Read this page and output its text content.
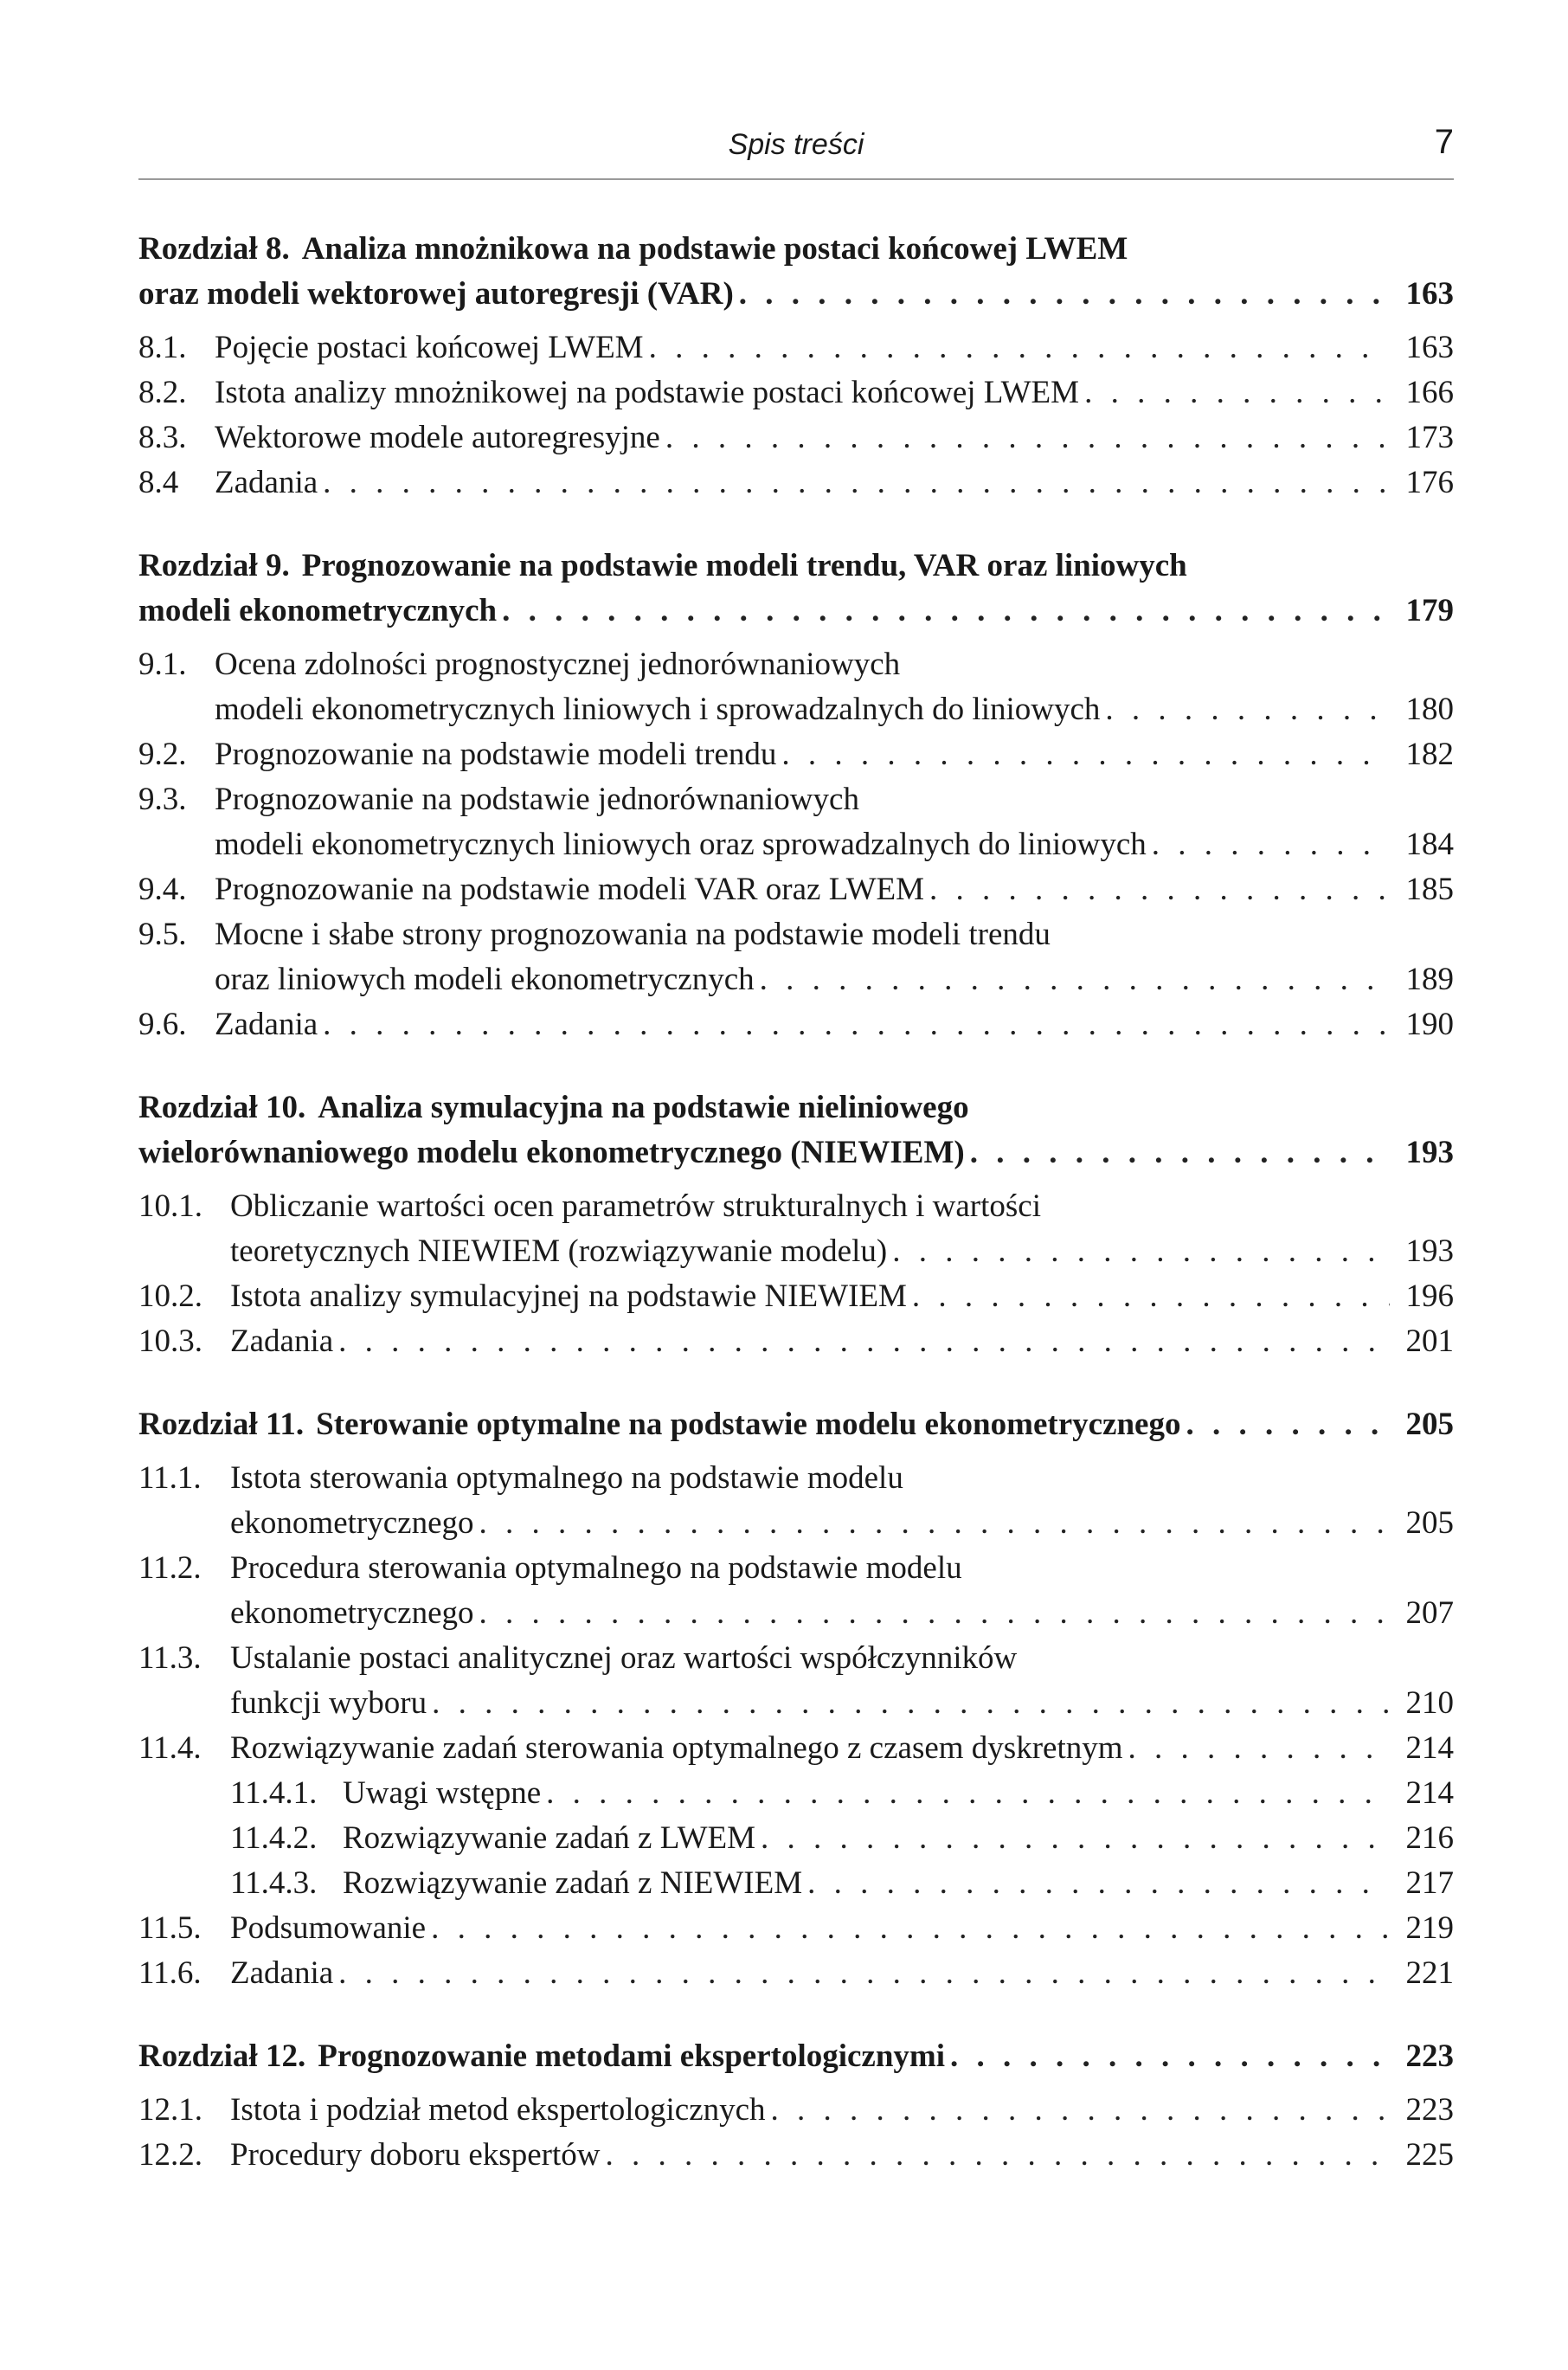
Spis treści	7
Rozdział 8. Analiza mnożnikowa na podstawie postaci końcowej LWEM
oraz modeli wektorowej autoregresji (VAR) . . .	163
8.1. Pojęcie postaci końcowej LWEM . . .	163
8.2. Istota analizy mnożnikowej na podstawie postaci końcowej LWEM . . .	166
8.3. Wektorowe modele autoregresyjne . . .	173
8.4	Zadania . . .	176
Rozdział 9. Prognozowanie na podstawie modeli trendu, VAR oraz liniowych
modeli ekonometrycznych . . .	179
9.1. Ocena zdolności prognostycznej jednorównaniowych
modeli ekonometrycznych liniowych i sprowadzalnych do liniowych . . .	180
9.2. Prognozowanie na podstawie modeli trendu . . .	182
9.3. Prognozowanie na podstawie jednorównaniowych
modeli ekonometrycznych liniowych oraz sprowadzalnych do liniowych . . .	184
9.4. Prognozowanie na podstawie modeli VAR oraz LWEM . . .	185
9.5. Mocne i słabe strony prognozowania na podstawie modeli trendu
oraz liniowych modeli ekonometrycznych . . .	189
9.6. Zadania . . .	190
Rozdział 10. Analiza symulacyjna na podstawie nieliniowego
wielorównaniowego modelu ekonometrycznego (NIEWIEM) . . .	193
10.1. Obliczanie wartości ocen parametrów strukturalnych i wartości
teoretycznych NIEWIEM (rozwiązywanie modelu) . . .	193
10.2. Istota analizy symulacyjnej na podstawie NIEWIEM . . .	196
10.3. Zadania . . .	201
Rozdział 11. Sterowanie optymalne na podstawie modelu ekonometrycznego . . .	205
11.1. Istota sterowania optymalnego na podstawie modelu
ekonometrycznego . . .	205
11.2. Procedura sterowania optymalnego na podstawie modelu
ekonometrycznego . . .	207
11.3. Ustalanie postaci analitycznej oraz wartości współczynników
funkcji wyboru . . .	210
11.4. Rozwiązywanie zadań sterowania optymalnego z czasem dyskretnym . . .	214
11.4.1. Uwagi wstępne . . .	214
11.4.2. Rozwiązywanie zadań z LWEM . . .	216
11.4.3. Rozwiązywanie zadań z NIEWIEM . . .	217
11.5. Podsumowanie . . .	219
11.6. Zadania . . .	221
Rozdział 12. Prognozowanie metodami ekspertologicznymi . . .	223
12.1. Istota i podział metod ekspertologicznych . . .	223
12.2. Procedury doboru ekspertów . . .	225
